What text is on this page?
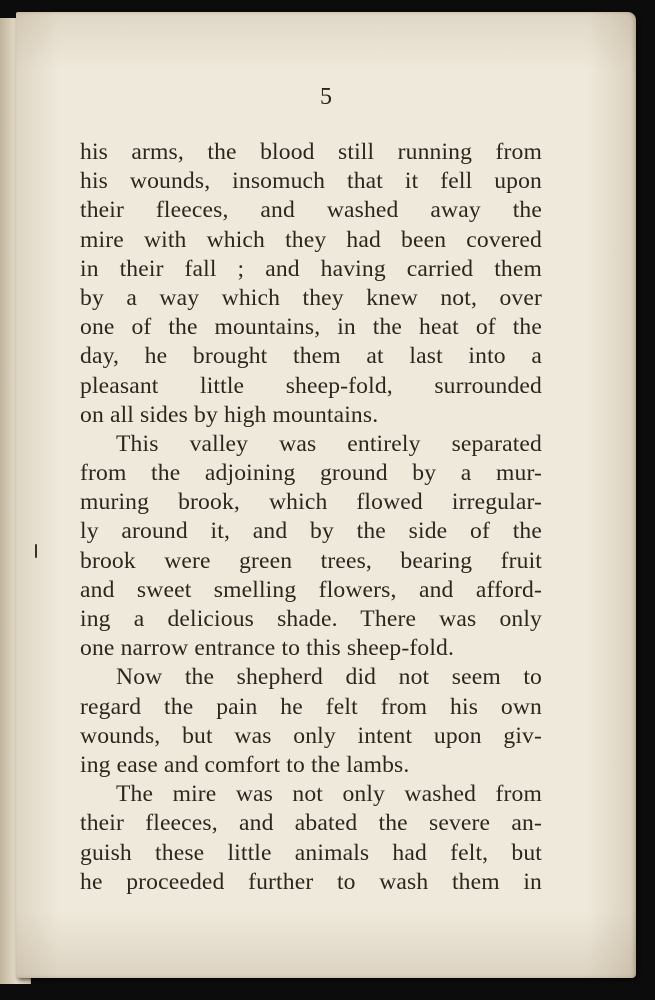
5
his arms, the blood still running from
his wounds, insomuch that it fell upon
their fleeces, and washed away the
mire with which they had been covered
in their fall ; and having carried them
by a way which they knew not, over
one of the mountains, in the heat of the
day, he brought them at last into a
pleasant little sheep-fold, surrounded
on all sides by high mountains.
This valley was entirely separated
from the adjoining ground by a mur-
muring brook, which flowed irregular-
ly around it, and by the side of the
brook were green trees, bearing fruit
and sweet smelling flowers, and afford-
ing a delicious shade. There was only
one narrow entrance to this sheep-fold.
Now the shepherd did not seem to
regard the pain he felt from his own
wounds, but was only intent upon giv-
ing ease and comfort to the lambs.
The mire was not only washed from
their fleeces, and abated the severe an-
guish these little animals had felt, but
he proceeded further to wash them in
